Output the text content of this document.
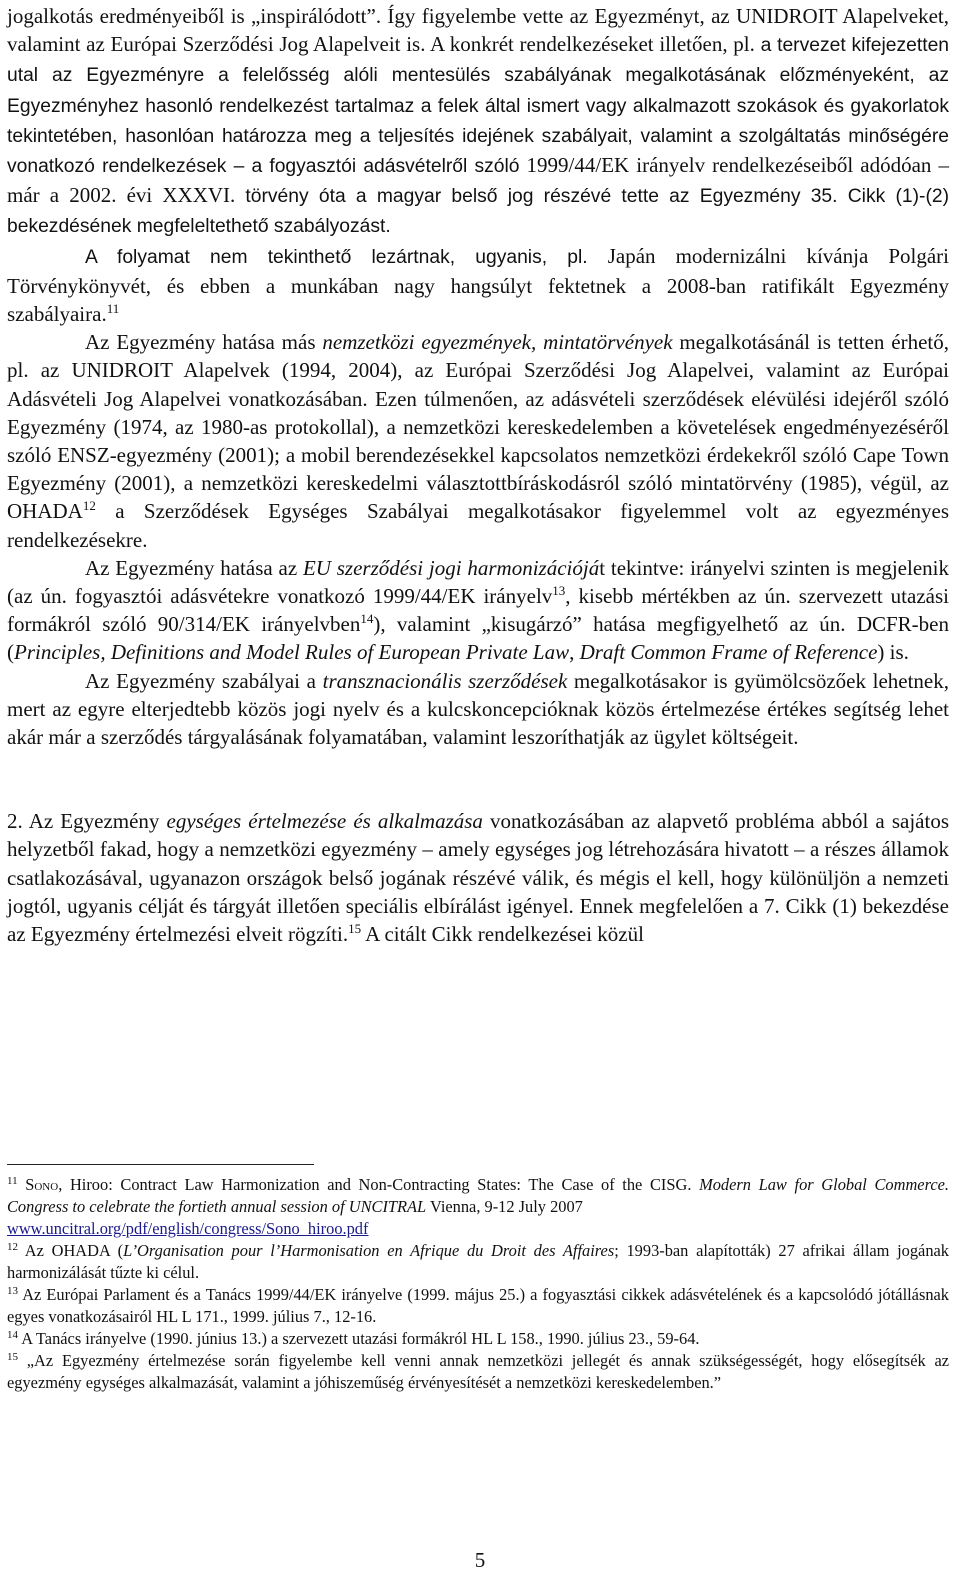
jogalkotás eredményeiből is „inspirálódott”. Így figyelembe vette az Egyezményt, az UNIDROIT Alapelveket, valamint az Európai Szerződési Jog Alapelveit is. A konkrét rendelkezéseket illetően, pl. a tervezet kifejezetten utal az Egyezményre a felelősség alóli mentesülés szabályának megalkotásának előzményeként, az Egyezményhez hasonló rendelkezést tartalmaz a felek által ismert vagy alkalmazott szokások és gyakorlatok tekintetében, hasonlóan határozza meg a teljesítés idejének szabályait, valamint a szolgáltatás minőségére vonatkozó rendelkezések – a fogyasztói adásvételről szóló 1999/44/EK irányelv rendelkezéseiből adódóan – már a 2002. évi XXXVI. törvény óta a magyar belső jog részévé tette az Egyezmény 35. Cikk (1)-(2) bekezdésének megfeleltethető szabályozást.

A folyamat nem tekinthető lezártnak, ugyanis, pl. Japán modernizálni kívánja Polgári Törvénykönyvét, és ebben a munkában nagy hangsúlyt fektetnek a 2008-ban ratifikált Egyezmény szabályaira.$^{11}$

Az Egyezmény hatása más nemzetközi egyezmények, mintatörvények megalkotásánál is tetten érhető, pl. az UNIDROIT Alapelvek (1994, 2004), az Európai Szerződési Jog Alapelvei, valamint az Európai Adásvételi Jog Alapelvei vonatkozásában. Ezen túlmenően, az adásvételi szerződések elévülési idejéről szóló Egyezmény (1974, az 1980-as protokollal), a nemzetközi kereskedelemben a követelések engedményezéséről szóló ENSZ-egyezmény (2001); a mobil berendezésekkel kapcsolatos nemzetközi érdekekről szóló Cape Town Egyezmény (2001), a nemzetközi kereskedelmi választottbíráskodásról szóló mintatörvény (1985), végül, az OHADA$^{12}$ a Szerződések Egységes Szabályai megalkotásakor figyelemmel volt az egyezményes rendelkezésekre.

Az Egyezmény hatása az EU szerződési jogi harmonizációját tekintve: irányelvi szinten is megjelenik (az ún. fogyasztói adásvétekre vonatkozó 1999/44/EK irányelv$^{13}$, kisebb mértékben az ún. szervezett utazási formákról szóló 90/314/EK irányelvben$^{14}$), valamint „kisugárzó” hatása megfigyelhető az ún. DCFR-ben (Principles, Definitions and Model Rules of European Private Law, Draft Common Frame of Reference) is.

Az Egyezmény szabályai a transznacionális szerződések megalkotásakor is gyümölcsözőek lehetnek, mert az egyre elterjedtebb közös jogi nyelv és a kulcskoncepcióknak közös értelmezése értékes segítség lehet akár már a szerződés tárgyalásának folyamatában, valamint leszoríthatják az ügylet költségeit.

2. Az Egyezmény egységes értelmezése és alkalmazása vonatkozásában az alapvető probléma abból a sajátos helyzetből fakad, hogy a nemzetközi egyezmény – amely egységes jog létrehozására hivatott – a részes államok csatlakozásával, ugyanazon országok belső jogának részévé válik, és mégis el kell, hogy különüljön a nemzeti jogtól, ugyanis célját és tárgyát illetően speciális elbírálást igényel. Ennek megfelelően a 7. Cikk (1) bekezdése az Egyezmény értelmezési elveit rögzíti.$^{15}$ A citált Cikk rendelkezései közül

$^{11}$ Sono, Hiroo: Contract Law Harmonization and Non-Contracting States: The Case of the CISG. Modern Law for Global Commerce. Congress to celebrate the fortieth annual session of UNCITRAL Vienna, 9-12 July 2007
www.uncitral.org/pdf/english/congress/Sono_hiroo.pdf

$^{12}$ Az OHADA (L’Organisation pour l’Harmonisation en Afrique du Droit des Affaires; 1993-ban alapították) 27 afrikai állam jogának harmonizálását tűzte ki célul.

$^{13}$ Az Európai Parlament és a Tanács 1999/44/EK irányelve (1999. május 25.) a fogyasztási cikkek adásvételének és a kapcsolódó jótállásnak egyes vonatkozásairól HL L 171., 1999. július 7., 12-16.

$^{14}$ A Tanács irányelve (1990. június 13.) a szervezett utazási formákról HL L 158., 1990. július 23., 59-64.

$^{15}$ „Az Egyezmény értelmezése során figyelembe kell venni annak nemzetközi jellegét és annak szükségességét, hogy elősegítsék az egyezmény egységes alkalmazását, valamint a jóhiszeműség érvényesítését a nemzetközi kereskedelemben.”

5
